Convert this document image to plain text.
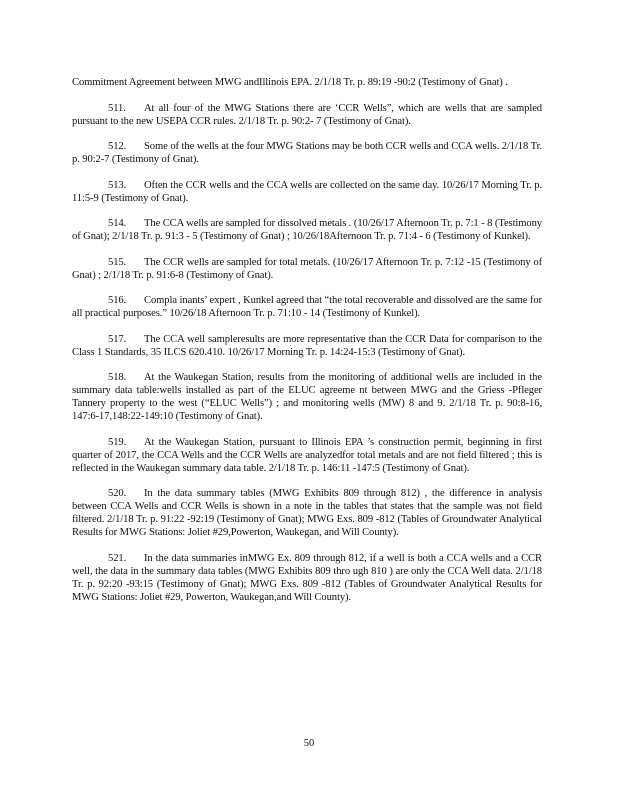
Commitment Agreement between MWG andIllinois EPA. 2/1/18 Tr. p. 89:19 -90:2 (Testimony of Gnat) .

511. At all four of the MWG Stations there are ‘CCR Wells”, which are wells that are sampled pursuant to the new USEPA CCR rules. 2/1/18 Tr. p. 90:2- 7 (Testimony of Gnat).

512. Some of the wells at the four MWG Stations may be both CCR wells and CCA wells. 2/1/18 Tr. p. 90:2-7 (Testimony of Gnat).

513. Often the CCR wells and the CCA wells are collected on the same day. 10/26/17 Morning Tr. p. 11:5-9 (Testimony of Gnat).

514. The CCA wells are sampled for dissolved metals . (10/26/17 Afternoon Tr. p. 7:1 - 8 (Testimony of Gnat); 2/1/18 Tr. p. 91:3 - 5 (Testimony of Gnat) ; 10/26/18Afternoon Tr. p. 71:4 - 6 (Testimony of Kunkel).

515. The CCR wells are sampled for total metals. (10/26/17 Afternoon Tr. p. 7:12 -15 (Testimony of Gnat) ; 2/1/18 Tr. p. 91:6-8 (Testimony of Gnat).

516. Compla inants’ expert , Kunkel agreed that “the total recoverable and dissolved are the same for all practical purposes.” 10/26/18 Afternoon Tr. p. 71:10 - 14 (Testimony of Kunkel).

517. The CCA well sampleresults are more representative than the CCR Data for comparison to the Class 1 Standards, 35 ILCS 620.410. 10/26/17 Morning Tr. p. 14:24-15:3 (Testimony of Gnat).

518. At the Waukegan Station, results from the monitoring of additional wells are included in the summary data table:wells installed as part of the ELUC agreeme nt between MWG and the Griess -Pfleger Tannery property to the west (“ELUC Wells”) ; and monitoring wells (MW) 8 and 9. 2/1/18 Tr. p. 90:8-16, 147:6-17,148:22-149:10 (Testimony of Gnat).

519. At the Waukegan Station, pursuant to Illinois EPA ’s construction permit, beginning in first quarter of 2017, the CCA Wells and the CCR Wells are analyzedfor total metals and are not field filtered ; this is reflected in the Waukegan summary data table. 2/1/18 Tr. p. 146:11 -147:5 (Testimony of Gnat).

520. In the data summary tables (MWG Exhibits 809 through 812) , the difference in analysis between CCA Wells and CCR Wells is shown in a note in the tables that states that the sample was not field filtered. 2/1/18 Tr. p. 91:22 -92:19 (Testimony of Gnat); MWG Exs. 809 -812 (Tables of Groundwater Analytical Results for MWG Stations: Joliet #29,Powerton, Waukegan, and Will County).

521. In the data summaries inMWG Ex. 809 through 812, if a well is both a CCA wells and a CCR well, the data in the summary data tables (MWG Exhibits 809 thro ugh 810 ) are only the CCA Well data. 2/1/18 Tr. p. 92:20 -93:15 (Testimony of Gnat); MWG Exs. 809 -812 (Tables of Groundwater Analytical Results for MWG Stations: Joliet #29, Powerton, Waukegan,and Will County).

50
